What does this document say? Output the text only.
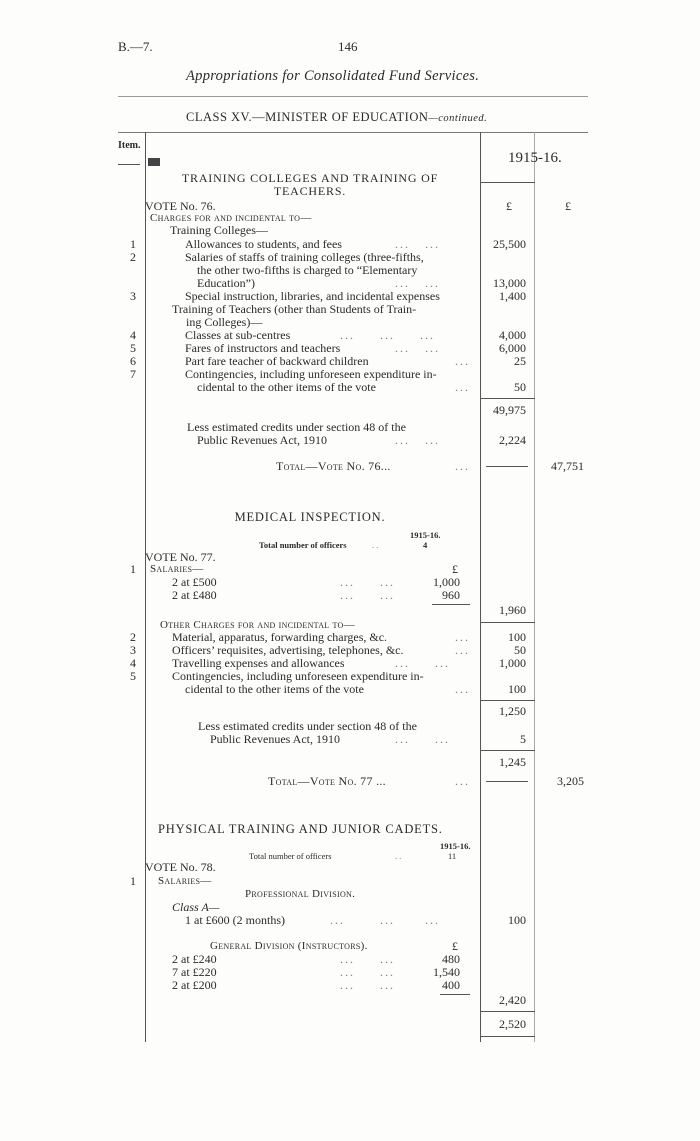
B.—7.	146
Appropriations for Consolidated Fund Services.
CLASS XV.—MINISTER OF EDUCATION—continued.
Item.
1915-16.
TRAINING COLLEGES AND TRAINING OF
TEACHERS.
VOTE No. 76.
Charges for and incidental to—
£	£
Training Colleges—
1	Allowances to students, and fees	...   ...	25,500
2	Salaries of staffs of training colleges (three-fifths,
the other two-fifths is charged to “Elementary
Education”)	...   ...	13,000
3	Special instruction, libraries, and incidental expenses	1,400
Training of Teachers (other than Students of Train-
ing Colleges)—
4	Classes at sub-centres	...     ...     ...	4,000
5	Fares of instructors and teachers	...   ...	6,000
6	Part fare teacher of backward children	...	25
7	Contingencies, including unforeseen expenditure in-
cidental to the other items of the vote	...	50
49,975
Less estimated credits under section 48 of the
Public Revenues Act, 1910	...   ...	2,224
Total—Vote No. 76...	...	47,751
MEDICAL INSPECTION.
1915-16.
Total number of officers	..	4
VOTE No. 77.
1 Salaries—	£
2 at £500	...     ...	1,000
2 at £480	...     ...	960
1,960
Other Charges for and incidental to—
2	Material, apparatus, forwarding charges, &c.	...	100
3	Officers’ requisites, advertising, telephones, &c.	...	50
4	Travelling expenses and allowances	...     ...	1,000
5	Contingencies, including unforeseen expenditure in-
cidental to the other items of the vote	...	100
1,250
Less estimated credits under section 48 of the
Public Revenues Act, 1910	...     ...	5
1,245
Total—Vote No. 77 ...	...	3,205
PHYSICAL TRAINING AND JUNIOR CADETS.
1915-16.
Total number of officers	..	11
VOTE No. 78.
1 Salaries—
Professional Division.
Class A—
1 at £600 (2 months)	...       ...      ...	100
General Division (Instructors).	£
2 at £240	...     ...	480
7 at £220	...     ...	1,540
2 at £200	...     ...	400
2,420
2,520
